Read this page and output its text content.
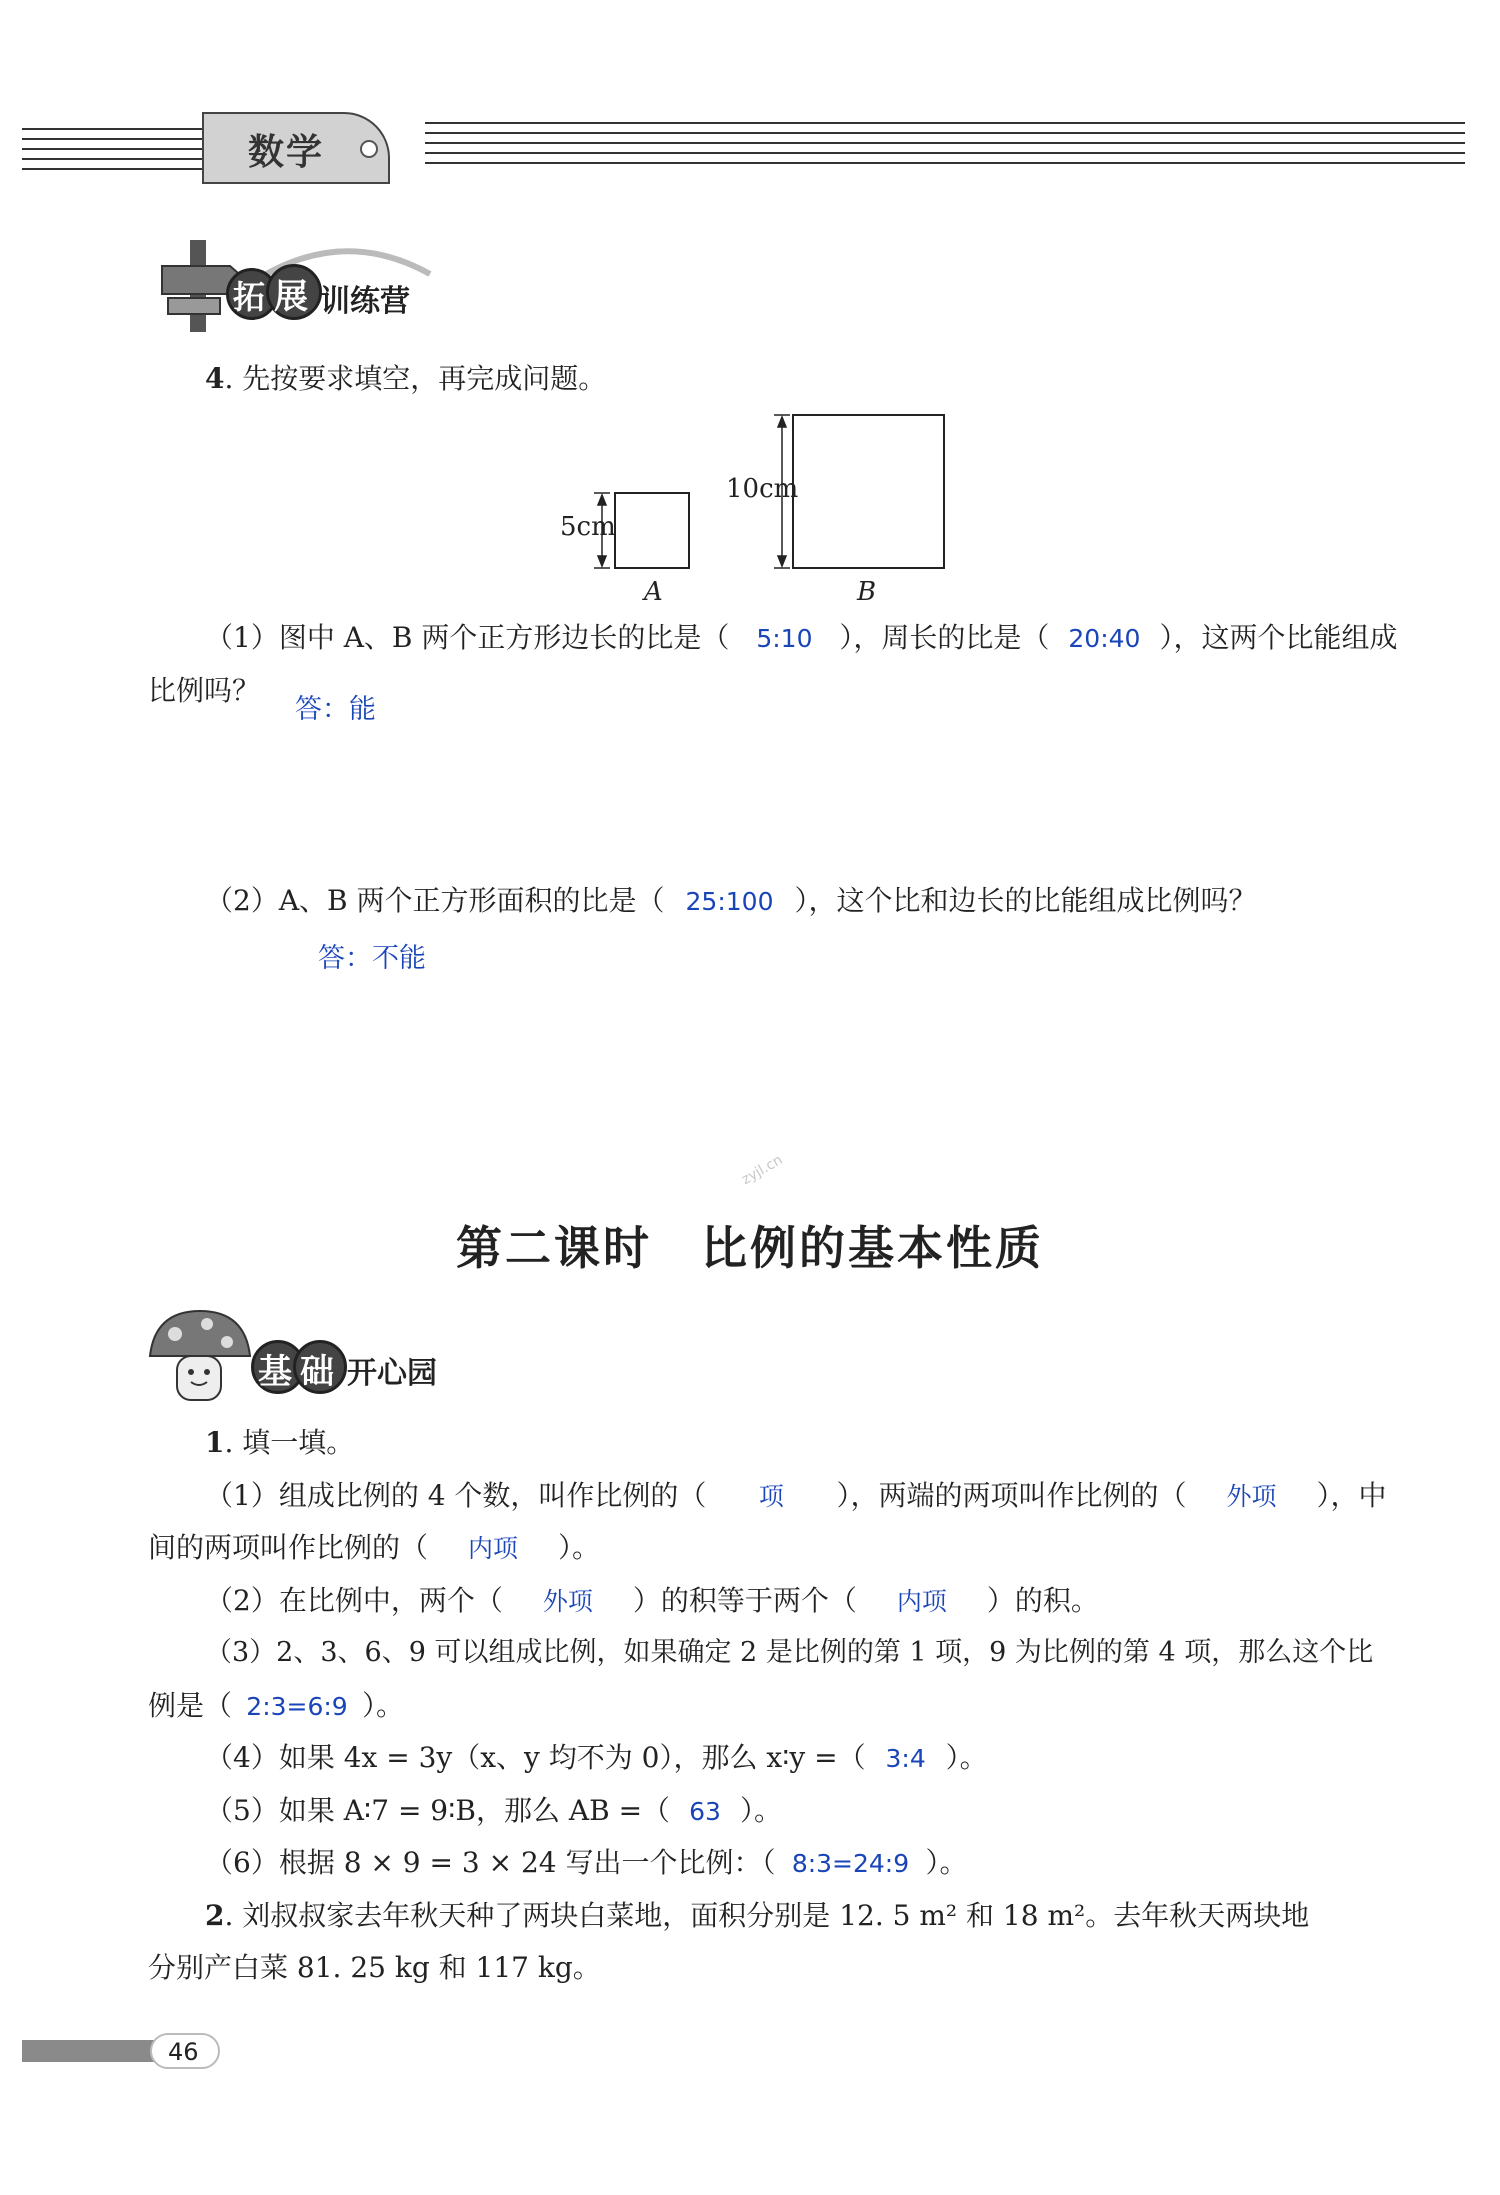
数学
拓 展 训练营
4. 先按要求填空，再完成问题。
5cm
10cm
A	B
（1）图中 A、B 两个正方形边长的比是（ 5:10 ），周长的比是（ 20:40 ），这两个比能组成
比例吗？
答：能
（2）A、B 两个正方形面积的比是（ 25:100 ），这个比和边长的比能组成比例吗？
答：不能
zyjl.cn
第二课时　比例的基本性质
基 础 开心园
1. 填一填。
（1）组成比例的 4 个数，叫作比例的（ 项 ），两端的两项叫作比例的（ 外项 ），中
间的两项叫作比例的（ 内项 ）。
（2）在比例中，两个（ 外项 ）的积等于两个（ 内项 ）的积。
（3）2、3、6、9 可以组成比例，如果确定 2 是比例的第 1 项，9 为比例的第 4 项，那么这个比
例是（ 2:3=6:9 ）。
（4）如果 4x = 3y（x、y 均不为 0），那么 x∶y =（ 3:4 ）。
（5）如果 A∶7 = 9∶B，那么 AB =（ 63 ）。
（6）根据 8 × 9 = 3 × 24 写出一个比例：（ 8:3=24:9 ）。
2. 刘叔叔家去年秋天种了两块白菜地，面积分别是 12. 5 m² 和 18 m²。去年秋天两块地
分别产白菜 81. 25 kg 和 117 kg。
46
